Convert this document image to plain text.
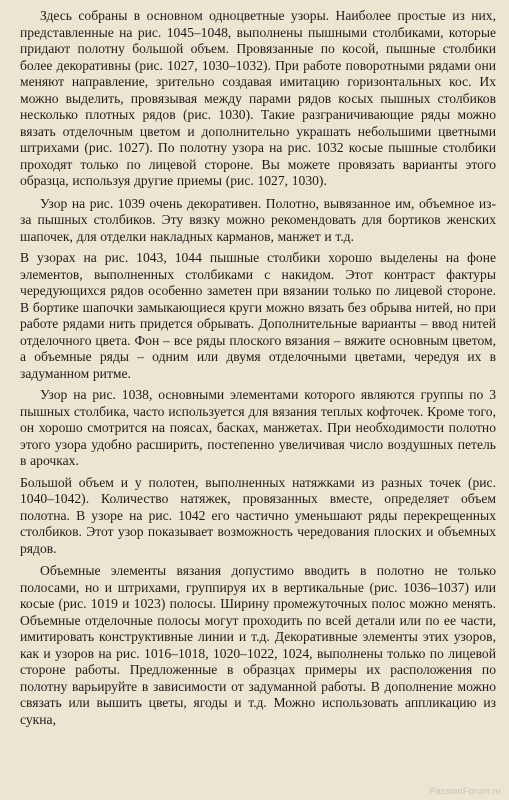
Здесь собраны в основном одноцветные узоры. Наиболее простые из них, представленные на рис. 1045–1048, выполнены пышными столбиками, которые придают полотну большой объем. Провязанные по косой, пышные столбики более декоративны (рис. 1027, 1030–1032). При работе поворотными рядами они меняют направление, зрительно создавая имитацию горизонтальных кос. Их можно выделить, провязывая между парами рядов косых пышных столбиков несколько плотных рядов (рис. 1030). Такие разграничивающие ряды можно вязать отделочным цветом и дополнительно украшать небольшими цветными штрихами (рис. 1027). По полотну узора на рис. 1032 косые пышные столбики проходят только по лицевой стороне. Вы можете провязать варианты этого образца, используя другие приемы (рис. 1027, 1030).

Узор на рис. 1039 очень декоративен. Полотно, вывязанное им, объемное из-за пышных столбиков. Эту вязку можно рекомендовать для бортиков женских шапочек, для отделки накладных карманов, манжет и т.д.

В узорах на рис. 1043, 1044 пышные столбики хорошо выделены на фоне элементов, выполненных столбиками с накидом. Этот контраст фактуры чередующихся рядов особенно заметен при вязании только по лицевой стороне. В бортике шапочки замыкающиеся круги можно вязать без обрыва нитей, но при работе рядами нить придется обрывать. Дополнительные варианты – ввод нитей отделочного цвета. Фон – все ряды плоского вязания – вяжите основным цветом, а объемные ряды – одним или двумя отделочными цветами, чередуя их в задуманном ритме.

Узор на рис. 1038, основными элементами которого являются группы по 3 пышных столбика, часто используется для вязания теплых кофточек. Кроме того, он хорошо смотрится на поясах, басках, манжетах. При необходимости полотно этого узора удобно расширить, постепенно увеличивая число воздушных петель в арочках.

Большой объем и у полотен, выполненных натяжками из разных точек (рис. 1040–1042). Количество натяжек, провязанных вместе, определяет объем полотна. В узоре на рис. 1042 его частично уменьшают ряды перекрещенных столбиков. Этот узор показывает возможность чередования плоских и объемных рядов.

Объемные элементы вязания допустимо вводить в полотно не только полосами, но и штрихами, группируя их в вертикальные (рис. 1036–1037) или косые (рис. 1019 и 1023) полосы. Ширину промежуточных полос можно менять. Объемные отделочные полосы могут проходить по всей детали или по ее части, имитировать конструктивные линии и т.д. Декоративные элементы этих узоров, как и узоров на рис. 1016–1018, 1020–1022, 1024, выполнены только по лицевой стороне работы. Предложенные в образцах примеры их расположения по полотну варьируйте в зависимости от задуманной работы. В дополнение можно связать или вышить цветы, ягоды и т.д. Можно использовать аппликацию из сукна,

PassionForum.ru
